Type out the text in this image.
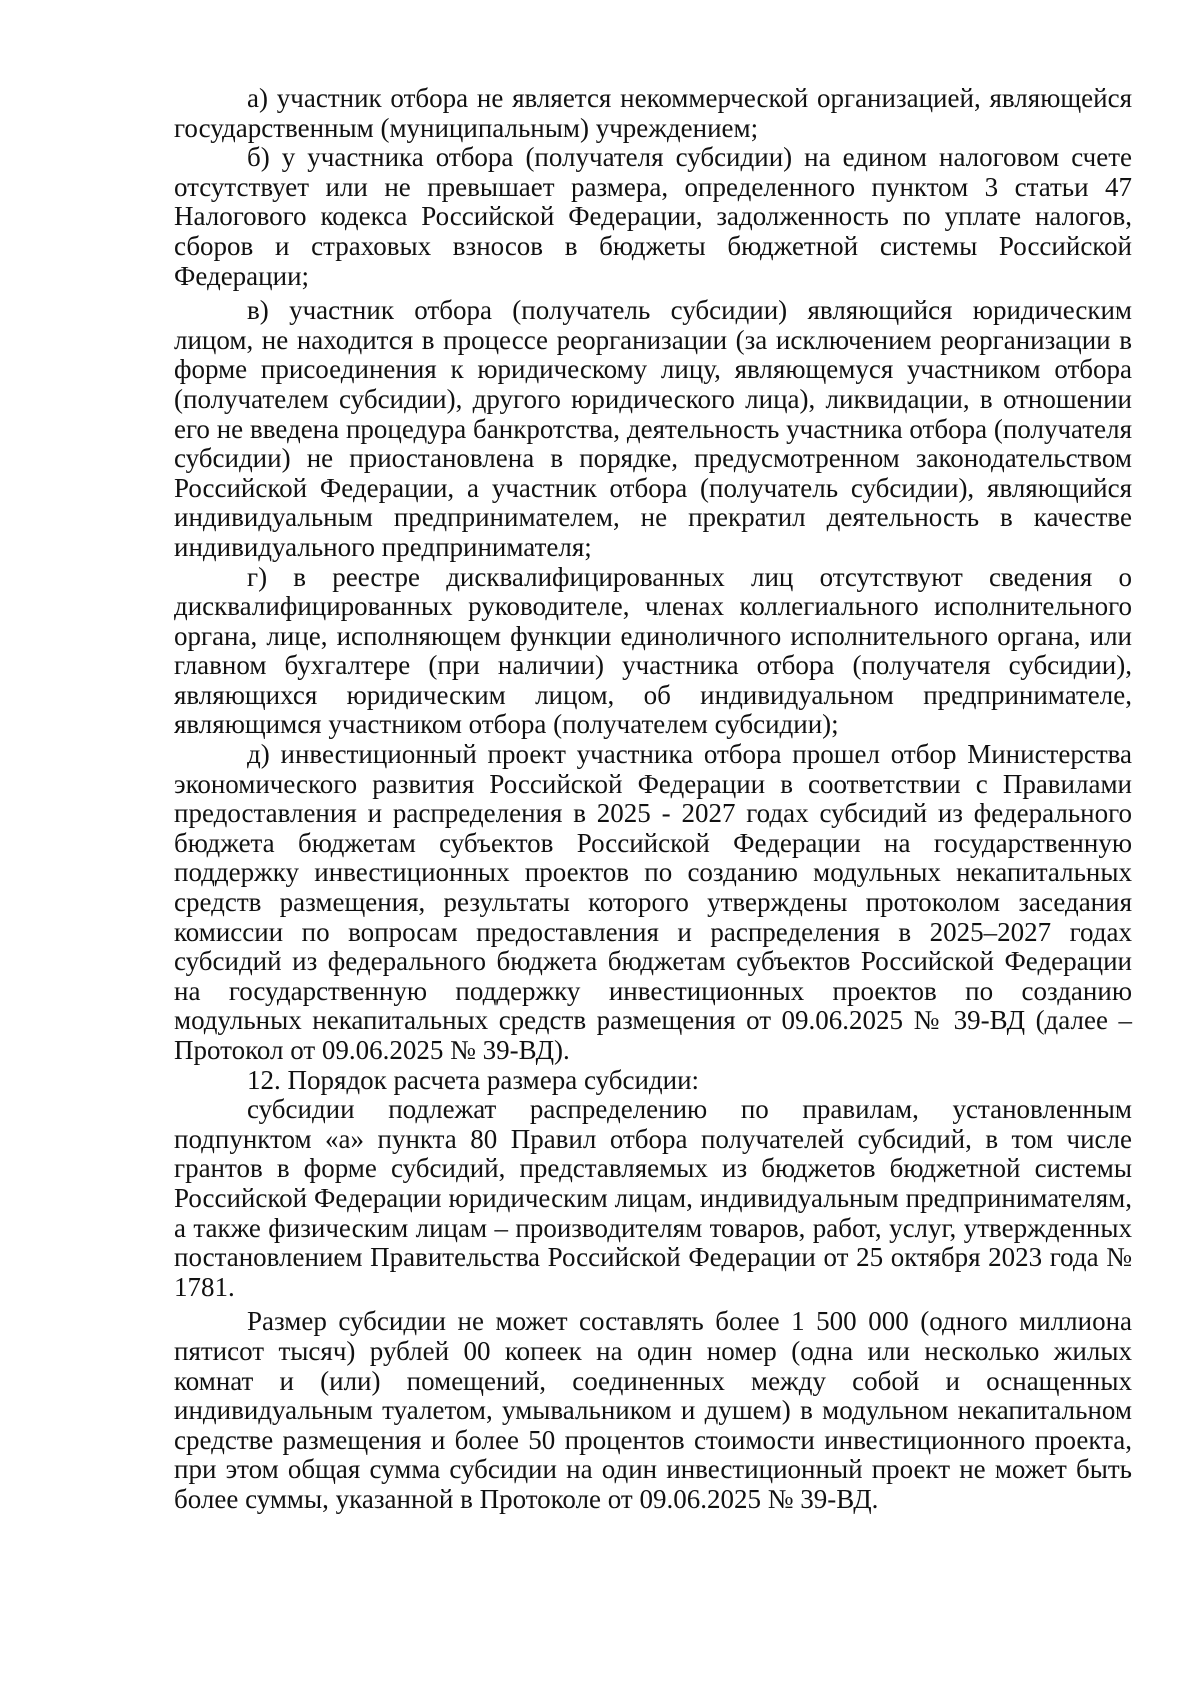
а) участник отбора не является некоммерческой организацией, являющейся государственным (муниципальным) учреждением;

б) у участника отбора (получателя субсидии) на едином налоговом счете отсутствует или не превышает размера, определенного пунктом 3 статьи 47 Налогового кодекса Российской Федерации, задолженность по уплате налогов, сборов и страховых взносов в бюджеты бюджетной системы Российской Федерации;

в) участник отбора (получатель субсидии) являющийся юридическим лицом, не находится в процессе реорганизации (за исключением реорганизации в форме присоединения к юридическому лицу, являющемуся участником отбора (получателем субсидии), другого юридического лица), ликвидации, в отношении его не введена процедура банкротства, деятельность участника отбора (получателя субсидии) не приостановлена в порядке, предусмотренном законодательством Российской Федерации, а участник отбора (получатель субсидии), являющийся индивидуальным предпринимателем, не прекратил деятельность в качестве индивидуального предпринимателя;

г) в реестре дисквалифицированных лиц отсутствуют сведения о дисквалифицированных руководителе, членах коллегиального исполнительного органа, лице, исполняющем функции единоличного исполнительного органа, или главном бухгалтере (при наличии) участника отбора (получателя субсидии), являющихся юридическим лицом, об индивидуальном предпринимателе, являющимся участником отбора (получателем субсидии);

д) инвестиционный проект участника отбора прошел отбор Министерства экономического развития Российской Федерации в соответствии с Правилами предоставления и распределения в 2025 - 2027 годах субсидий из федерального бюджета бюджетам субъектов Российской Федерации на государственную поддержку инвестиционных проектов по созданию модульных некапитальных средств размещения, результаты которого утверждены протоколом заседания комиссии по вопросам предоставления и распределения в 2025–2027 годах субсидий из федерального бюджета бюджетам субъектов Российской Федерации на государственную поддержку инвестиционных проектов по созданию модульных некапитальных средств размещения от 09.06.2025 № 39-ВД (далее – Протокол от 09.06.2025 № 39-ВД).

12. Порядок расчета размера субсидии:

субсидии подлежат распределению по правилам, установленным подпунктом «а» пункта 80 Правил отбора получателей субсидий, в том числе грантов в форме субсидий, представляемых из бюджетов бюджетной системы Российской Федерации юридическим лицам, индивидуальным предпринимателям, а также физическим лицам – производителям товаров, работ, услуг, утвержденных постановлением Правительства Российской Федерации от 25 октября 2023 года № 1781.

Размер субсидии не может составлять более 1 500 000 (одного миллиона пятисот тысяч) рублей 00 копеек на один номер (одна или несколько жилых комнат и (или) помещений, соединенных между собой и оснащенных индивидуальным туалетом, умывальником и душем) в модульном некапитальном средстве размещения и более 50 процентов стоимости инвестиционного проекта, при этом общая сумма субсидии на один инвестиционный проект не может быть более суммы, указанной в Протоколе от 09.06.2025 № 39-ВД.
